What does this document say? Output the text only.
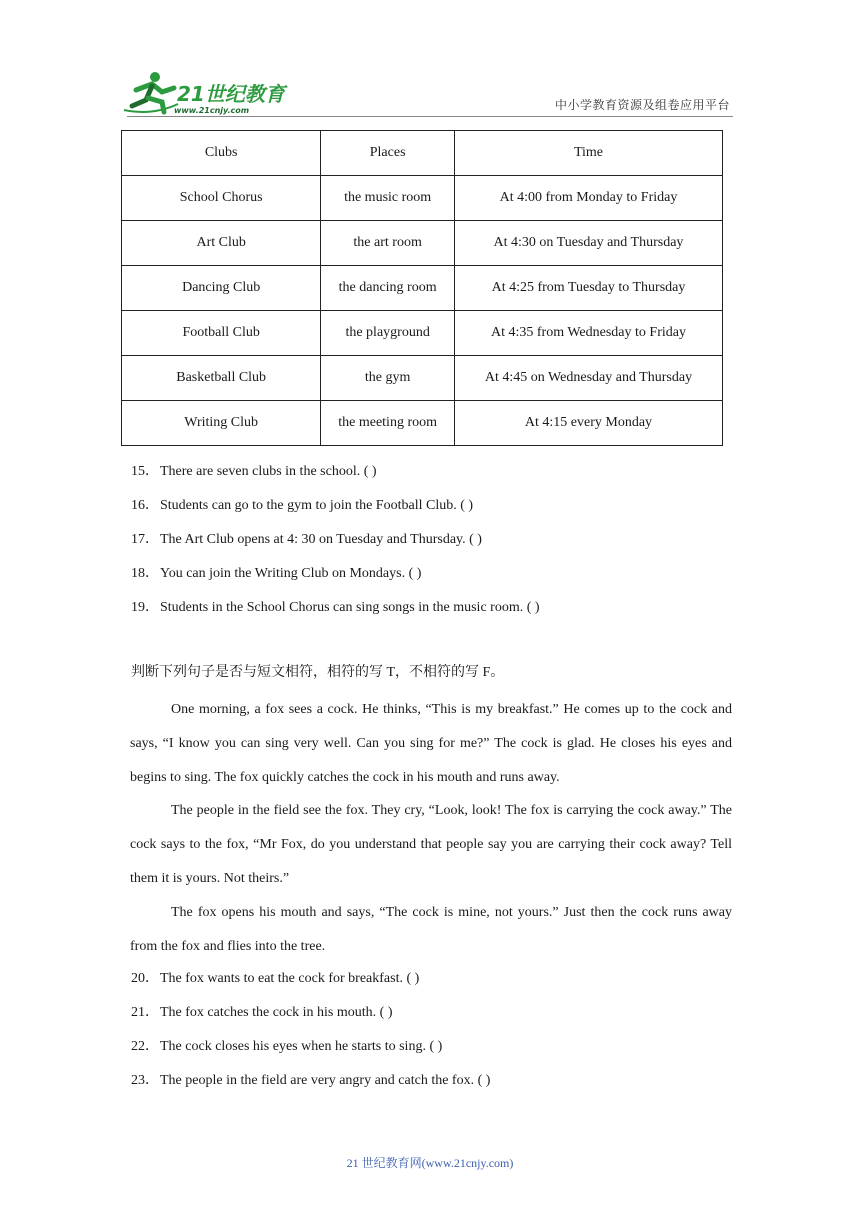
21世纪教育
www.21cnjy.com	中小学教育资源及组卷应用平台
Clubs	Places	Time
School Chorus	the music room	At 4:00 from Monday to Friday
Art Club	the art room	At 4:30 on Tuesday and Thursday
Dancing Club	the dancing room	At 4:25 from Tuesday to Thursday
Football Club	the playground	At 4:35 from Wednesday to Friday
Basketball Club	the gym	At 4:45 on Wednesday and Thursday
Writing Club	the meeting room	At 4:15 every Monday
15．There are seven clubs in the school. ( )
16．Students can go to the gym to join the Football Club. ( )
17．The Art Club opens at 4: 30 on Tuesday and Thursday. ( )
18．You can join the Writing Club on Mondays. ( )
19．Students in the School Chorus can sing songs in the music room. ( )
判断下列句子是否与短文相符，相符的写 T，不相符的写 F。

One morning, a fox sees a cock. He thinks, “This is my breakfast.” He comes up to the cock and says, “I know you can sing very well. Can you sing for me?” The cock is glad. He closes his eyes and begins to sing. The fox quickly catches the cock in his mouth and runs away.

The people in the field see the fox. They cry, “Look, look! The fox is carrying the cock away.” The cock says to the fox, “Mr Fox, do you understand that people say you are carrying their cock away? Tell them it is yours. Not theirs.”

The fox opens his mouth and says, “The cock is mine, not yours.” Just then the cock runs away from the fox and flies into the tree.

20．The fox wants to eat the cock for breakfast. ( )
21．The fox catches the cock in his mouth. ( )
22．The cock closes his eyes when he starts to sing. ( )
23．The people in the field are very angry and catch the fox. ( )
21 世纪教育网(www.21cnjy.com)
